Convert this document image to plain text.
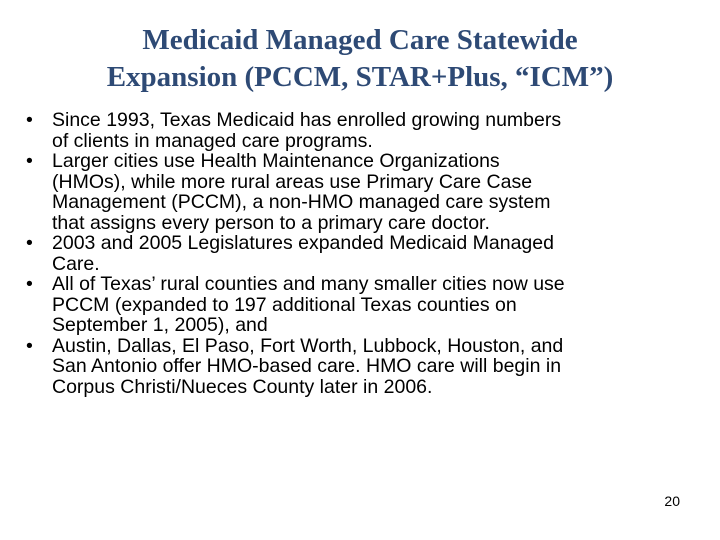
Medicaid Managed Care Statewide
Expansion (PCCM, STAR+Plus, “ICM”)
• Since 1993, Texas Medicaid has enrolled growing numbers
of clients in managed care programs.
• Larger cities use Health Maintenance Organizations
(HMOs), while more rural areas use Primary Care Case
Management (PCCM), a non-HMO managed care system
that assigns every person to a primary care doctor.
• 2003 and 2005 Legislatures expanded Medicaid Managed
Care.
• All of Texas’ rural counties and many smaller cities now use
PCCM (expanded to 197 additional Texas counties on
September 1, 2005), and
• Austin, Dallas, El Paso, Fort Worth, Lubbock, Houston, and
San Antonio offer HMO-based care. HMO care will begin in
Corpus Christi/Nueces County later in 2006.
20
